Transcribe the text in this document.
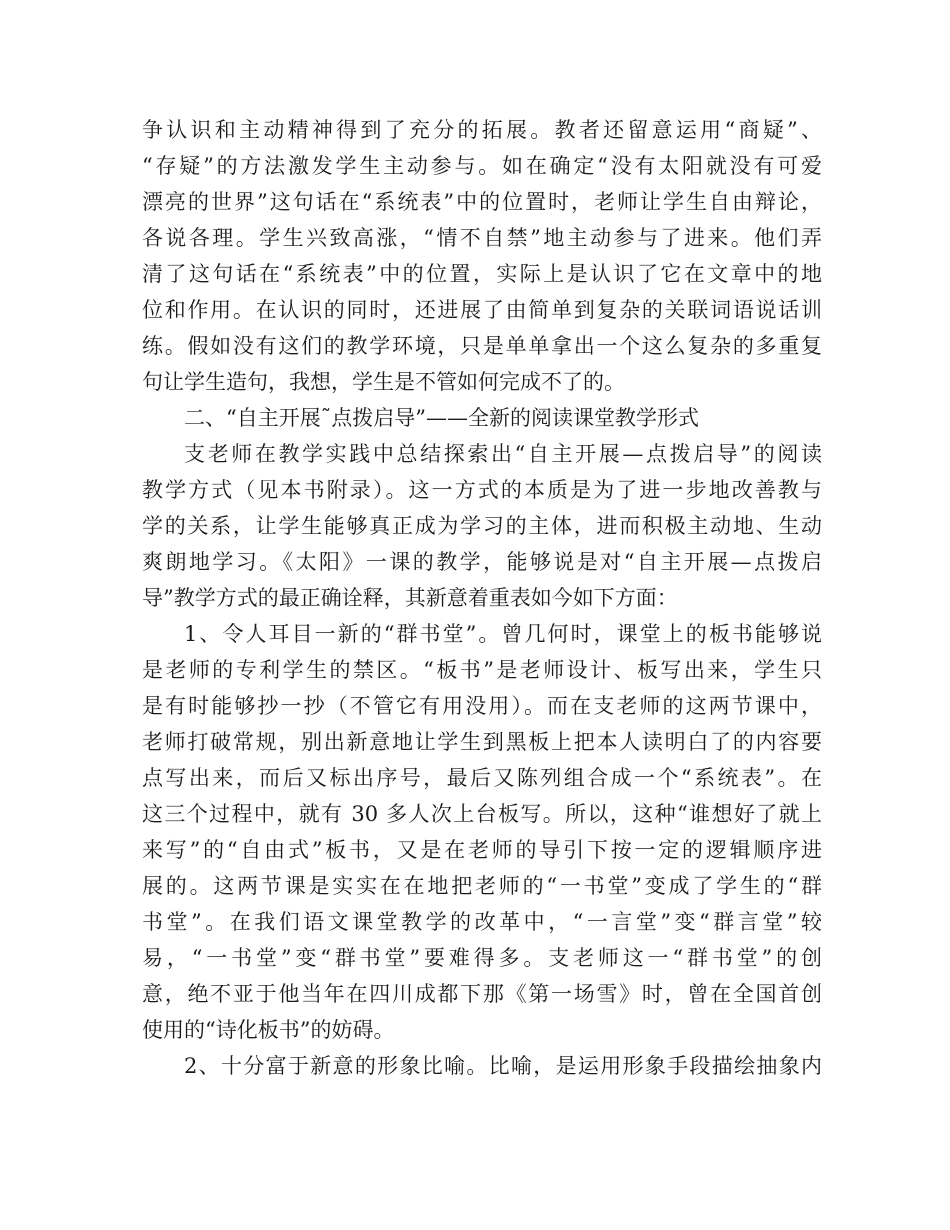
争认识和主动精神得到了充分的拓展。教者还留意运用“商疑”、
“存疑”的方法激发学生主动参与。如在确定“没有太阳就没有可爱
漂亮的世界”这句话在“系统表”中的位置时，老师让学生自由辩论，
各说各理。学生兴致高涨，“情不自禁”地主动参与了进来。他们弄
清了这句话在“系统表”中的位置，实际上是认识了它在文章中的地
位和作用。在认识的同时，还进展了由简单到复杂的关联词语说话训
练。假如没有这们的教学环境，只是单单拿出一个这么复杂的多重复
句让学生造句，我想，学生是不管如何完成不了的。
二、“自主开展˜点拨启导”——全新的阅读课堂教学形式
支老师在教学实践中总结探索出“自主开展—点拨启导”的阅读
教学方式（见本书附录）。这一方式的本质是为了进一步地改善教与
学的关系，让学生能够真正成为学习的主体，进而积极主动地、生动
爽朗地学习。《太阳》一课的教学，能够说是对“自主开展—点拨启
导”教学方式的最正确诠释，其新意着重表如今如下方面：
1、令人耳目一新的“群书堂”。曾几何时，课堂上的板书能够说
是老师的专利学生的禁区。“板书”是老师设计、板写出来，学生只
是有时能够抄一抄（不管它有用没用）。而在支老师的这两节课中，
老师打破常规，别出新意地让学生到黑板上把本人读明白了的内容要
点写出来，而后又标出序号，最后又陈列组合成一个“系统表”。在
这三个过程中，就有 30 多人次上台板写。所以，这种“谁想好了就上
来写”的“自由式”板书，又是在老师的导引下按一定的逻辑顺序进
展的。这两节课是实实在在地把老师的“一书堂”变成了学生的“群
书堂”。在我们语文课堂教学的改革中，“一言堂”变“群言堂”较
易，“一书堂”变“群书堂”要难得多。支老师这一“群书堂”的创
意，绝不亚于他当年在四川成都下那《第一场雪》时，曾在全国首创
使用的“诗化板书”的妨碍。
2、十分富于新意的形象比喻。比喻，是运用形象手段描绘抽象内
